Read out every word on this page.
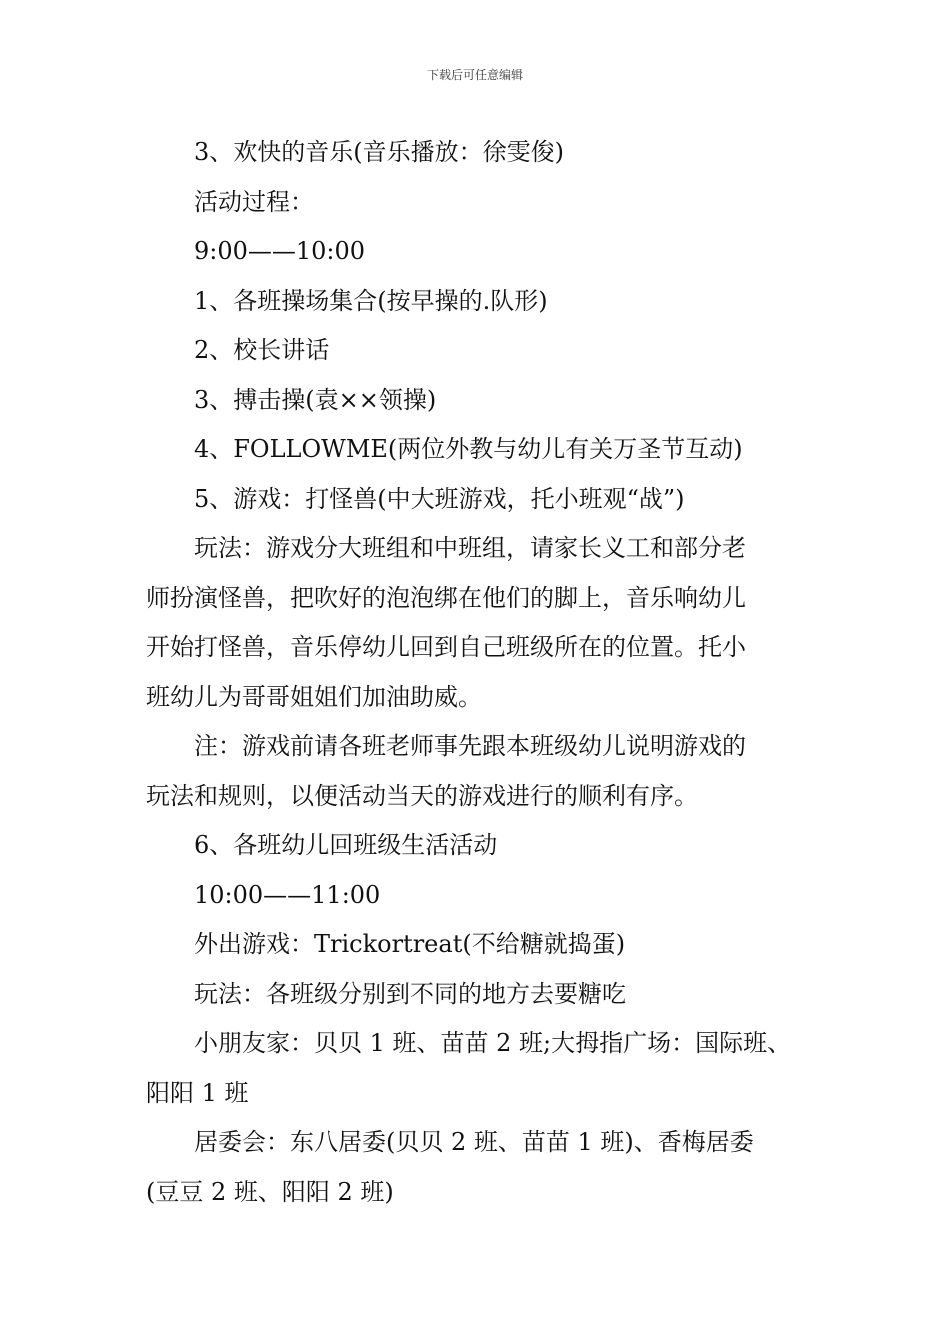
下载后可任意编辑
3、欢快的音乐(音乐播放：徐雯俊)
活动过程：
9:00——10:00
1、各班操场集合(按早操的.队形)
2、校长讲话
3、搏击操(袁××领操)
4、FOLLOWME(两位外教与幼儿有关万圣节互动)
5、游戏：打怪兽(中大班游戏，托小班观“战”)
玩法：游戏分大班组和中班组，请家长义工和部分老
师扮演怪兽，把吹好的泡泡绑在他们的脚上，音乐响幼儿
开始打怪兽，音乐停幼儿回到自己班级所在的位置。托小
班幼儿为哥哥姐姐们加油助威。
注：游戏前请各班老师事先跟本班级幼儿说明游戏的
玩法和规则，以便活动当天的游戏进行的顺利有序。
6、各班幼儿回班级生活活动
10:00——11:00
外出游戏：Trickortreat(不给糖就捣蛋)
玩法：各班级分别到不同的地方去要糖吃
小朋友家：贝贝 1 班、苗苗 2 班;大拇指广场：国际班、
阳阳 1 班
居委会：东八居委(贝贝 2 班、苗苗 1 班)、香梅居委
(豆豆 2 班、阳阳 2 班)
